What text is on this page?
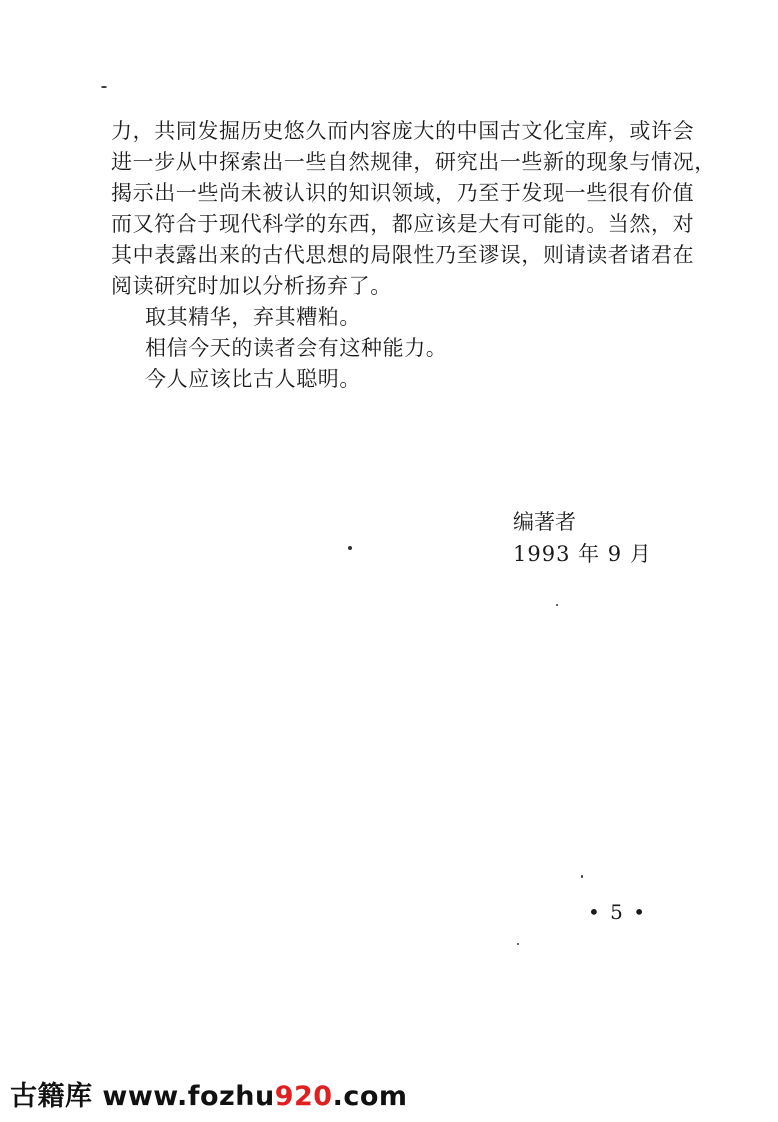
力，共同发掘历史悠久而内容庞大的中国古文化宝库，或许会
进一步从中探索出一些自然规律，研究出一些新的现象与情况，
揭示出一些尚未被认识的知识领域，乃至于发现一些很有价值
而又符合于现代科学的东西，都应该是大有可能的。当然，对
其中表露出来的古代思想的局限性乃至谬误，则请读者诸君在
阅读研究时加以分析扬弃了。
取其精华，弃其糟粕。
相信今天的读者会有这种能力。
今人应该比古人聪明。
编著者
1993 年 9 月
• 5 •
古籍库 www.fozhu920.com
